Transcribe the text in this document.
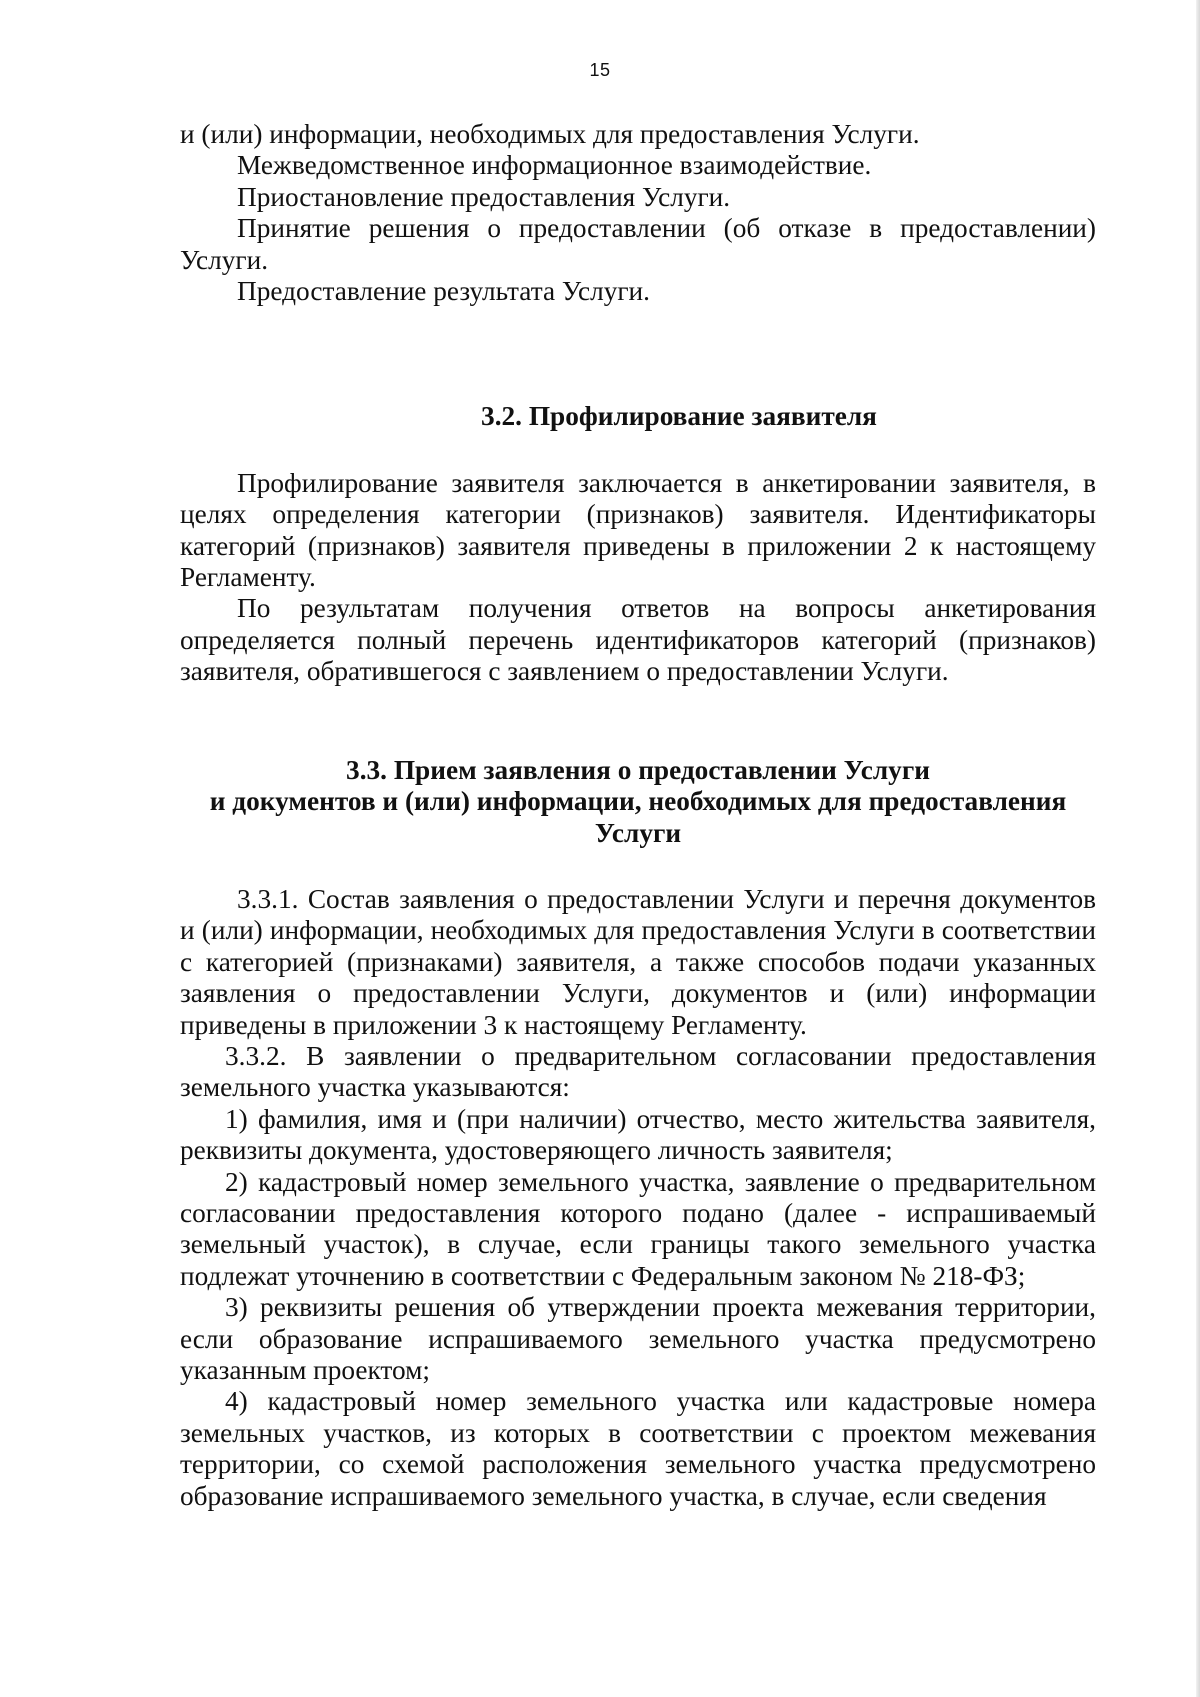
15

и (или) информации, необходимых для предоставления Услуги.

Межведомственное информационное взаимодействие.

Приостановление предоставления Услуги.

Принятие решения о предоставлении (об отказе в предоставлении) Услуги.

Предоставление результата Услуги.

3.2. Профилирование заявителя

Профилирование заявителя заключается в анкетировании заявителя, в целях определения категории (признаков) заявителя. Идентификаторы категорий (признаков) заявителя приведены в приложении 2 к настоящему Регламенту.

По результатам получения ответов на вопросы анкетирования определяется полный перечень идентификаторов категорий (признаков) заявителя, обратившегося с заявлением о предоставлении Услуги.

3.3. Прием заявления о предоставлении Услуги
и документов и (или) информации, необходимых для предоставления
Услуги

3.3.1. Состав заявления о предоставлении Услуги и перечня документов и (или) информации, необходимых для предоставления Услуги в соответствии с категорией (признаками) заявителя, а также способов подачи указанных заявления о предоставлении Услуги, документов и (или) информации приведены в приложении 3 к настоящему Регламенту.

3.3.2. В заявлении о предварительном согласовании предоставления земельного участка указываются:

1) фамилия, имя и (при наличии) отчество, место жительства заявителя, реквизиты документа, удостоверяющего личность заявителя;

2) кадастровый номер земельного участка, заявление о предварительном согласовании предоставления которого подано (далее - испрашиваемый земельный участок), в случае, если границы такого земельного участка подлежат уточнению в соответствии с Федеральным законом № 218-ФЗ;

3) реквизиты решения об утверждении проекта межевания территории, если образование испрашиваемого земельного участка предусмотрено указанным проектом;

4) кадастровый номер земельного участка или кадастровые номера земельных участков, из которых в соответствии с проектом межевания территории, со схемой расположения земельного участка предусмотрено образование испрашиваемого земельного участка, в случае, если сведения
